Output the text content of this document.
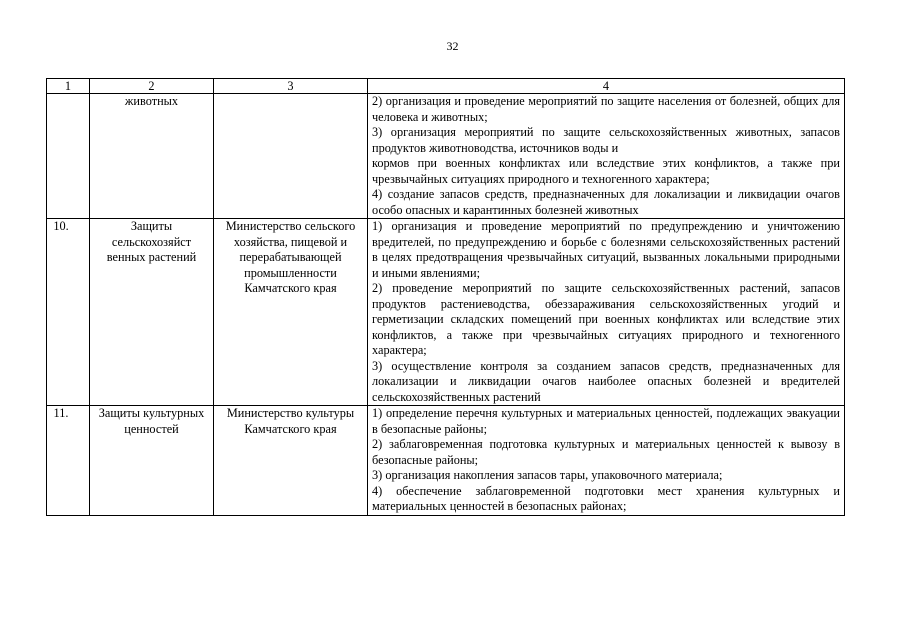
32
1	2	3	4
	животных		2) организация и проведение мероприятий по защите населения от болезней, общих для человека и животных;

3) организация мероприятий по защите сельскохозяйственных животных, запасов продуктов животноводства, источников воды и

кормов при военных конфликтах или вследствие этих конфликтов, а также при чрезвычайных ситуациях природного и техногенного характера;

4) создание запасов средств, предназначенных для локализации и ликвидации очагов особо опасных и карантинных болезней животных

10.	Защиты сельскохозяйст венных растений	Министерство сельского хозяйства, пищевой и перерабатывающей промышленности Камчатского края	1) организация и проведение мероприятий по предупреждению и уничтожению вредителей, по предупреждению и борьбе с болезнями сельскохозяйственных растений в целях предотвращения чрезвычайных ситуаций, вызванных локальными природными и иными явлениями;

2) проведение мероприятий по защите сельскохозяйственных растений, запасов продуктов растениеводства, обеззараживания сельскохозяйственных угодий и герметизации складских помещений при военных конфликтах или вследствие этих конфликтов, а также при чрезвычайных ситуациях природного и техногенного характера;

3) осуществление контроля за созданием запасов средств, предназначенных для локализации и ликвидации очагов наиболее опасных болезней и вредителей сельскохозяйственных растений

11.	Защиты культурных ценностей	Министерство культуры Камчатского края	1) определение перечня культурных и материальных ценностей, подлежащих эвакуации в безопасные районы;

2) заблаговременная подготовка культурных и материальных ценностей к вывозу в безопасные районы;

3) организация накопления запасов тары, упаковочного материала;

4) обеспечение заблаговременной подготовки мест хранения культурных и материальных ценностей в безопасных районах;
